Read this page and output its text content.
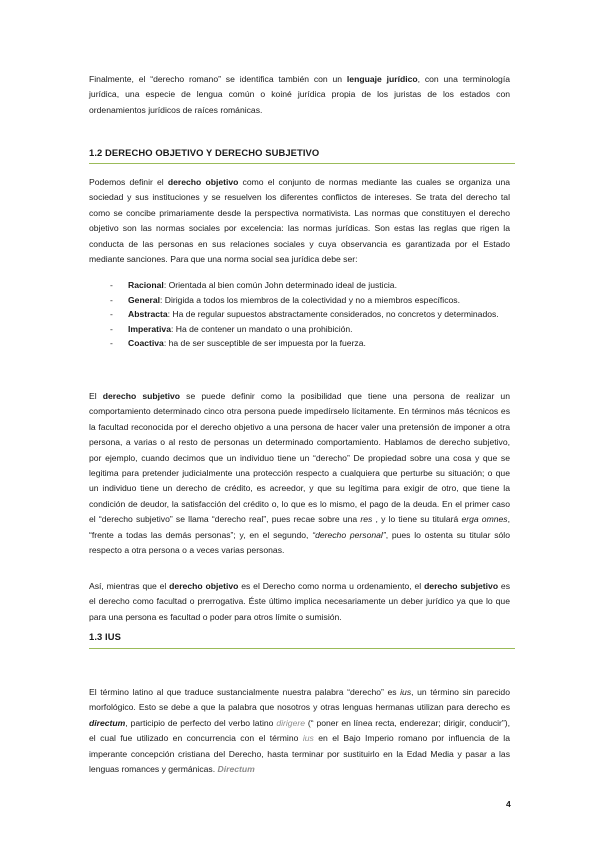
Finalmente, el “derecho romano” se identifica también con un lenguaje jurídico, con una terminología jurídica, una especie de lengua común o koiné jurídica propia de los juristas de los estados con ordenamientos jurídicos de raíces románicas.

1.2 DERECHO OBJETIVO Y DERECHO SUBJETIVO

Podemos definir el derecho objetivo como el conjunto de normas mediante las cuales se organiza una sociedad y sus instituciones y se resuelven los diferentes conflictos de intereses. Se trata del derecho tal como se concibe primariamente desde la perspectiva normativista. Las normas que constituyen el derecho objetivo son las normas sociales por excelencia: las normas jurídicas. Son estas las reglas que rigen la conducta de las personas en sus relaciones sociales y cuya observancia es garantizada por el Estado mediante sanciones. Para que una norma social sea jurídica debe ser:

- Racional: Orientada al bien común John determinado ideal de justicia.
- General: Dirigida a todos los miembros de la colectividad y no a miembros específicos.
- Abstracta: Ha de regular supuestos abstractamente considerados, no concretos y determinados.
- Imperativa: Ha de contener un mandato o una prohibición.
- Coactiva: ha de ser susceptible de ser impuesta por la fuerza.

El derecho subjetivo se puede definir como la posibilidad que tiene una persona de realizar un comportamiento determinado cinco otra persona puede impedírselo lícitamente. En términos más técnicos es la facultad reconocida por el derecho objetivo a una persona de hacer valer una pretensión de imponer a otra persona, a varias o al resto de personas un determinado comportamiento. Hablamos de derecho subjetivo, por ejemplo, cuando decimos que un individuo tiene un “derecho” De propiedad sobre una cosa y que se legitima para pretender judicialmente una protección respecto a cualquiera que perturbe su situación; o que un individuo tiene un derecho de crédito, es acreedor, y que su legítima para exigir de otro, que tiene la condición de deudor, la satisfacción del crédito o, lo que es lo mismo, el pago de la deuda. En el primer caso el “derecho subjetivo” se llama “derecho real”, pues recae sobre una res , y lo tiene su titulará erga omnes, “frente a todas las demás personas”; y, en el segundo, “derecho personal”, pues lo ostenta su titular sólo respecto a otra persona o a veces varias personas.

Así, mientras que el derecho objetivo es el Derecho como norma u ordenamiento, el derecho subjetivo es el derecho como facultad o prerrogativa. Éste último implica necesariamente un deber jurídico ya que lo que para una persona es facultad o poder para otros límite o sumisión.

1.3 IUS

El término latino al que traduce sustancialmente nuestra palabra “derecho” es ius, un término sin parecido morfológico. Esto se debe a que la palabra que nosotros y otras lenguas hermanas utilizan para derecho es directum, participio de perfecto del verbo latino dirigere (“ poner en línea recta, enderezar; dirigir, conducir”), el cual fue utilizado en concurrencia con el término ius en el Bajo Imperio romano por influencia de la imperante concepción cristiana del Derecho, hasta terminar por sustituirlo en la Edad Media y pasar a las lenguas romances y germánicas. Directum

4
